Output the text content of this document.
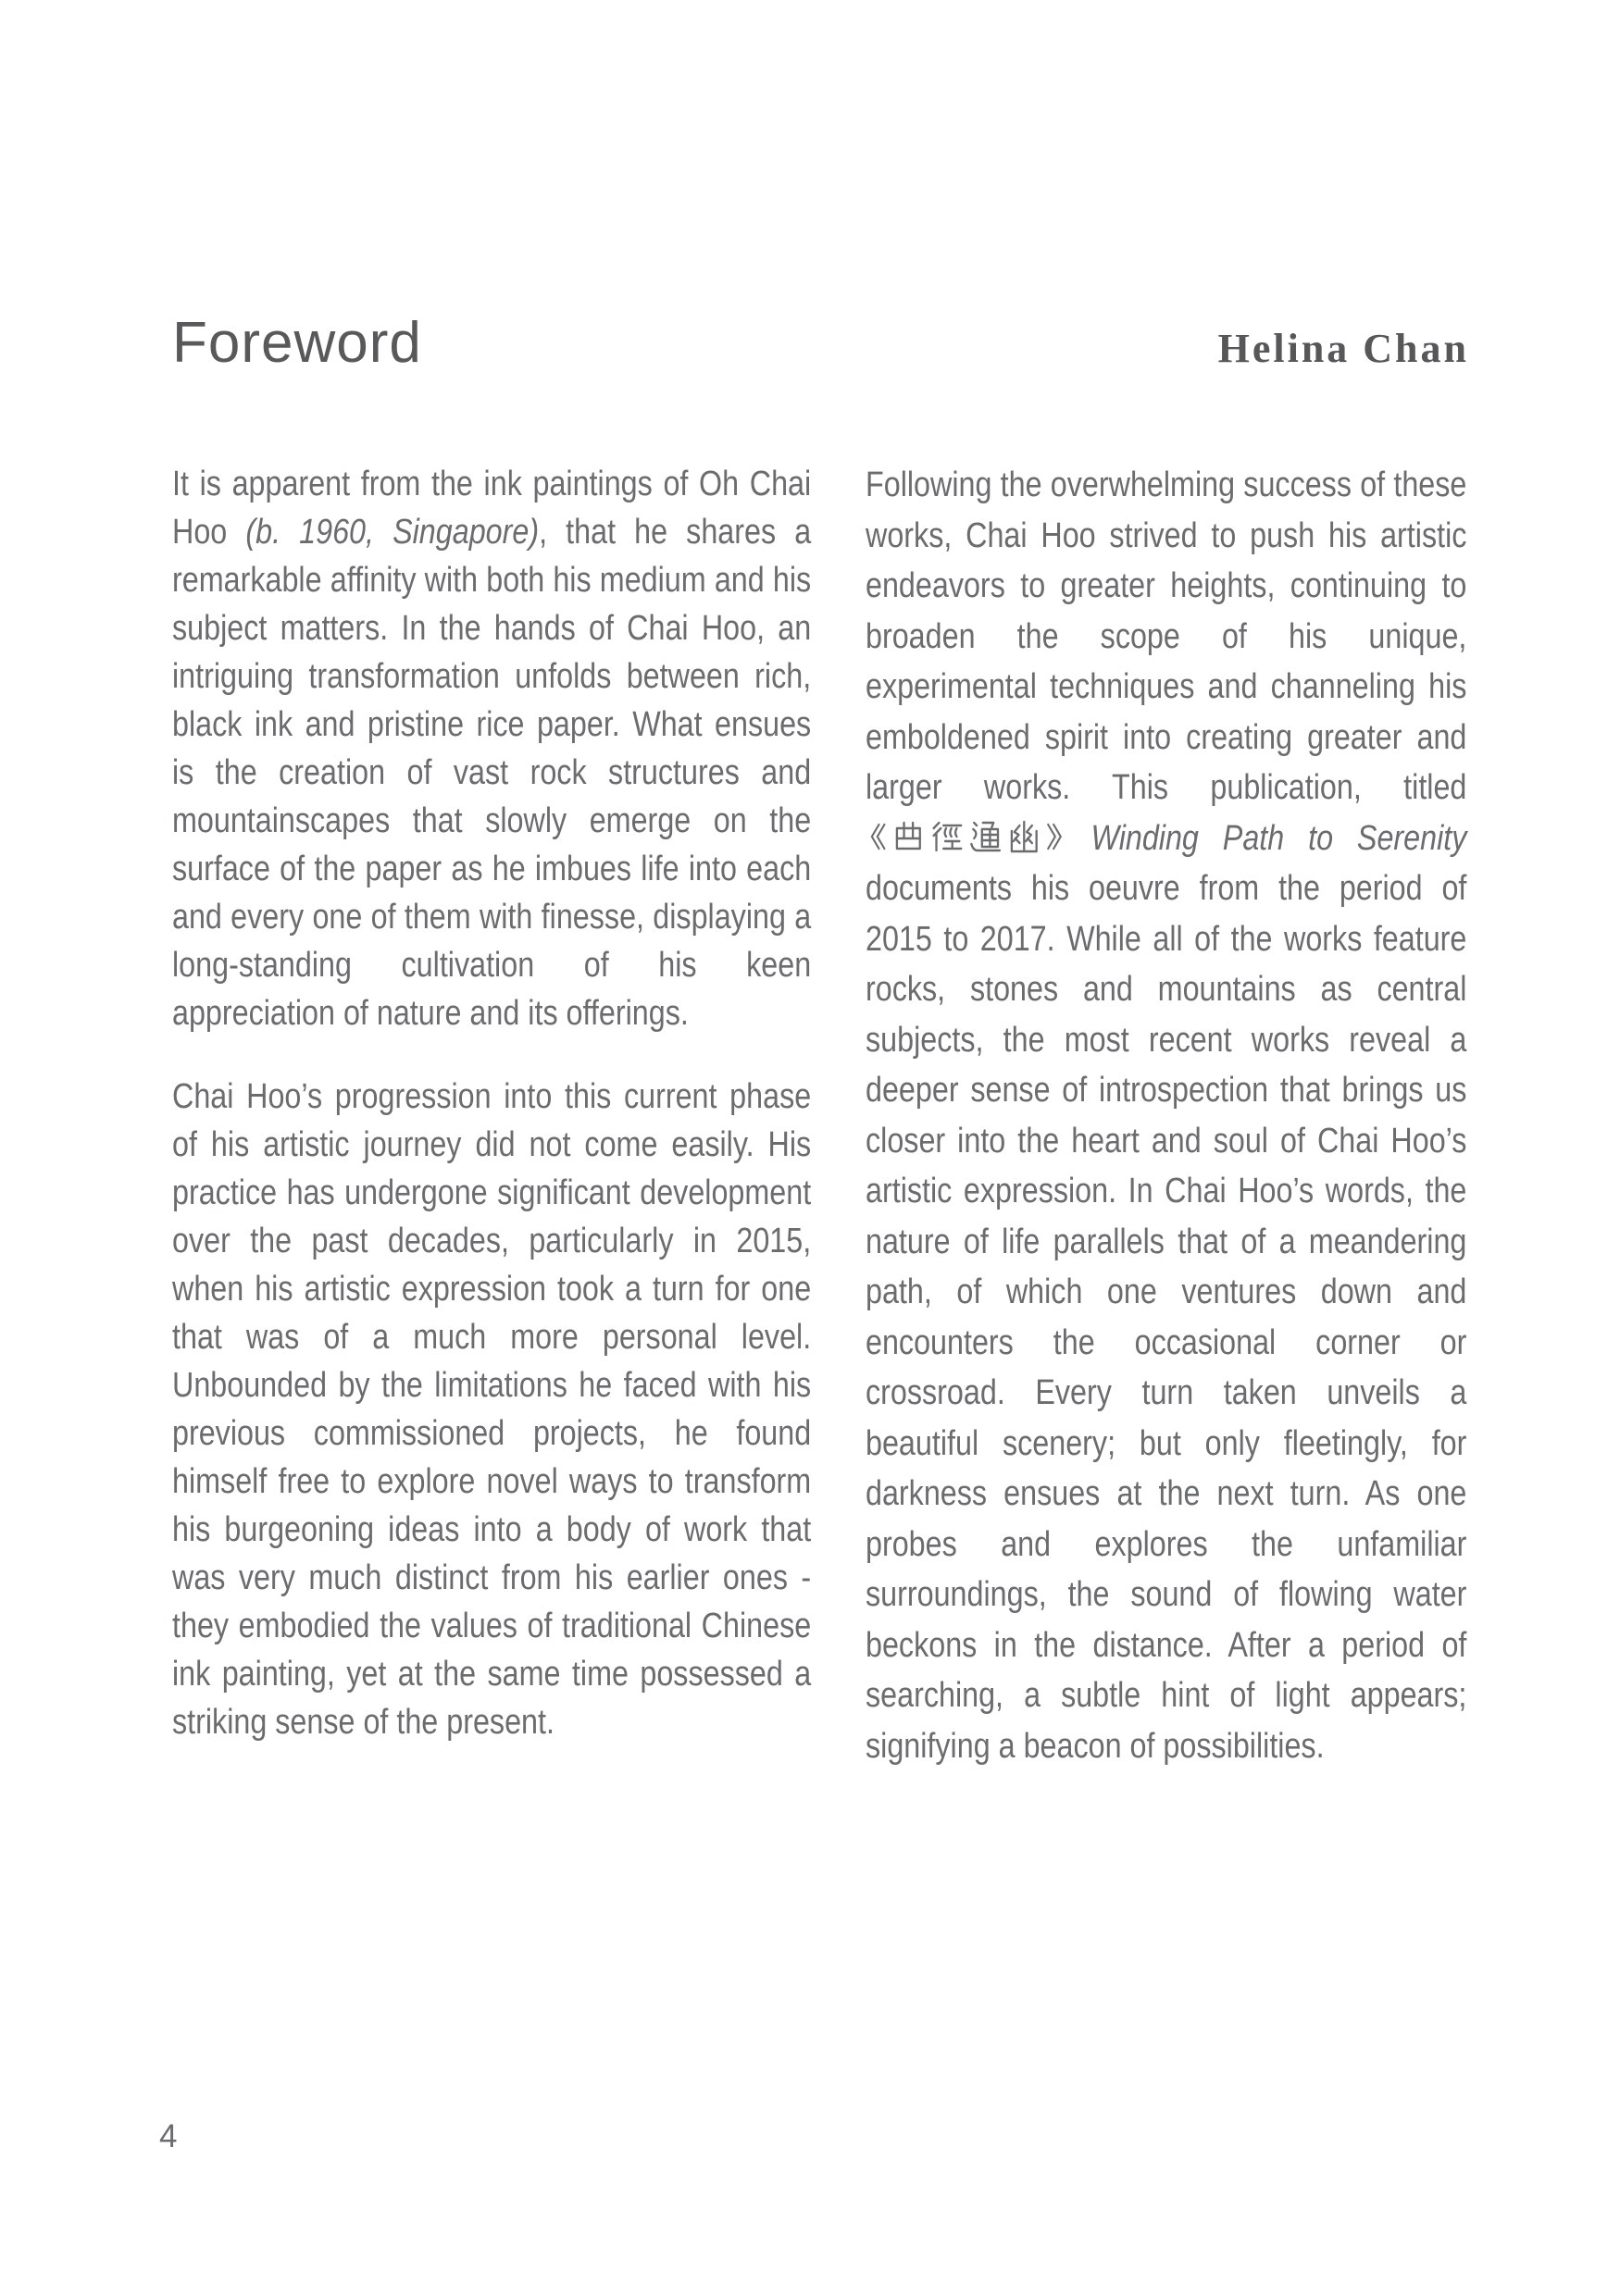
Foreword	Helina Chan

It is apparent from the ink paintings of Oh Chai Hoo (b. 1960, Singapore), that he shares a remarkable affinity with both his medium and his subject matters. In the hands of Chai Hoo, an intriguing transformation unfolds between rich, black ink and pristine rice paper. What ensues is the creation of vast rock structures and mountainscapes that slowly emerge on the surface of the paper as he imbues life into each and every one of them with finesse, displaying a long-standing cultivation of his keen appreciation of nature and its offerings.

Chai Hoo’s progression into this current phase of his artistic journey did not come easily. His practice has undergone significant development over the past decades, particularly in 2015, when his artistic expression took a turn for one that was of a much more personal level. Unbounded by the limitations he faced with his previous commissioned projects, he found himself free to explore novel ways to transform his burgeoning ideas into a body of work that was very much distinct from his earlier ones - they embodied the values of traditional Chinese ink painting, yet at the same time possessed a striking sense of the present.

Following the overwhelming success of these works, Chai Hoo strived to push his artistic endeavors to greater heights, continuing to broaden the scope of his unique, experimental techniques and channeling his emboldened spirit into creating greater and larger works. This publication, titled  Winding Path to Serenity documents his oeuvre from the period of 2015 to 2017. While all of the works feature rocks, stones and mountains as central subjects, the most recent works reveal a deeper sense of introspection that brings us closer into the heart and soul of Chai Hoo’s artistic expression. In Chai Hoo’s words, the nature of life parallels that of a meandering path, of which one ventures down and encounters the occasional corner or crossroad. Every turn taken unveils a beautiful scenery; but only fleetingly, for darkness ensues at the next turn. As one probes and explores the unfamiliar surroundings, the sound of flowing water beckons in the distance. After a period of searching, a subtle hint of light appears; signifying a beacon of possibilities.

4
